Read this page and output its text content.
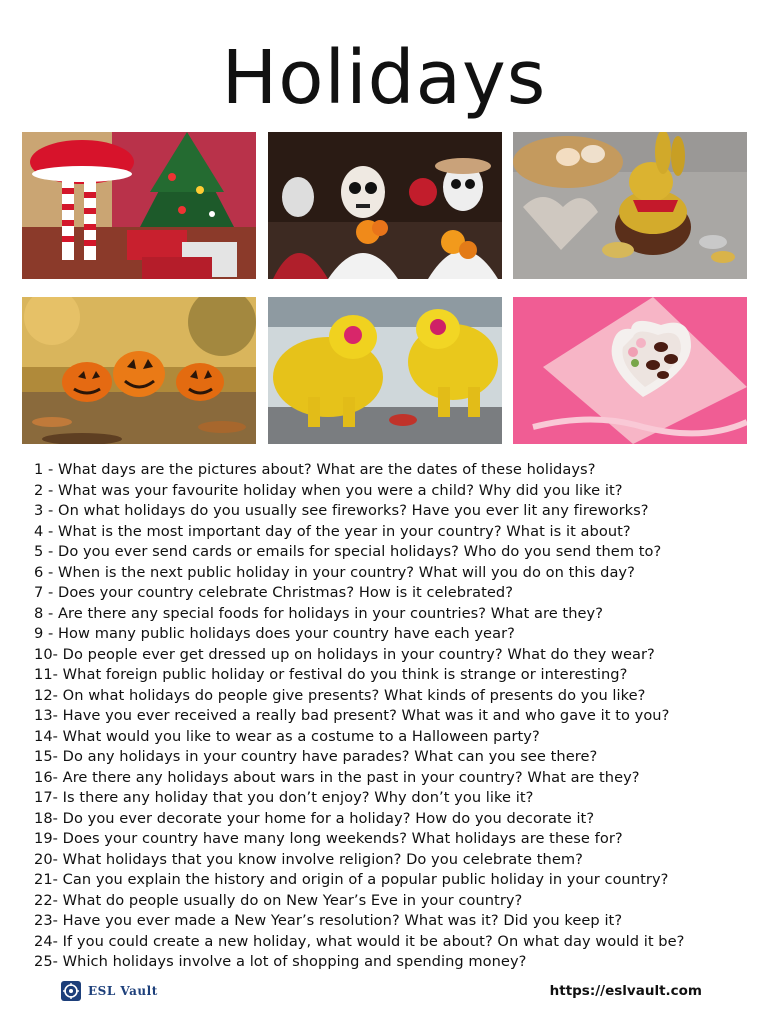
Holidays
1 - What days are the pictures about? What are the dates of these holidays?
2 - What was your favourite holiday when you were a child? Why did you like it?
3 - On what holidays do you usually see fireworks? Have you ever lit any fireworks?
4 - What is the most important day of the year in your country? What is it about?
5 - Do you ever send cards or emails for special holidays? Who do you send them to?
6 - When is the next public holiday in your country? What will you do on this day?
7 - Does your country celebrate Christmas? How is it celebrated?
8 - Are there any special foods for holidays in your countries? What are they?
9 - How many public holidays does your country have each year?
10- Do people ever get dressed up on holidays in your country? What do they wear?
11- What foreign public holiday or festival do you think is strange or interesting?
12- On what holidays do people give presents? What kinds of presents do you like?
13- Have you ever received a really bad present? What was it and who gave it to you?
14- What would you like to wear as a costume to a Halloween party?
15- Do any holidays in your country have parades? What can you see there?
16- Are there any holidays about wars in the past in your country? What are they?
17- Is there any holiday that you don’t enjoy? Why don’t you like it?
18- Do you ever decorate your home for a holiday? How do you decorate it?
19- Does your country have many long weekends? What holidays are these for?
20- What holidays that you know involve religion? Do you celebrate them?
21- Can you explain the history and origin of a popular public holiday in your country?
22- What do people usually do on New Year’s Eve in your country?
23- Have you ever made a New Year’s resolution? What was it? Did you keep it?
24- If you could create a new holiday, what would it be about? On what day would it be?
25- Which holidays involve a lot of shopping and spending money?
ESL Vault	https://eslvault.com
